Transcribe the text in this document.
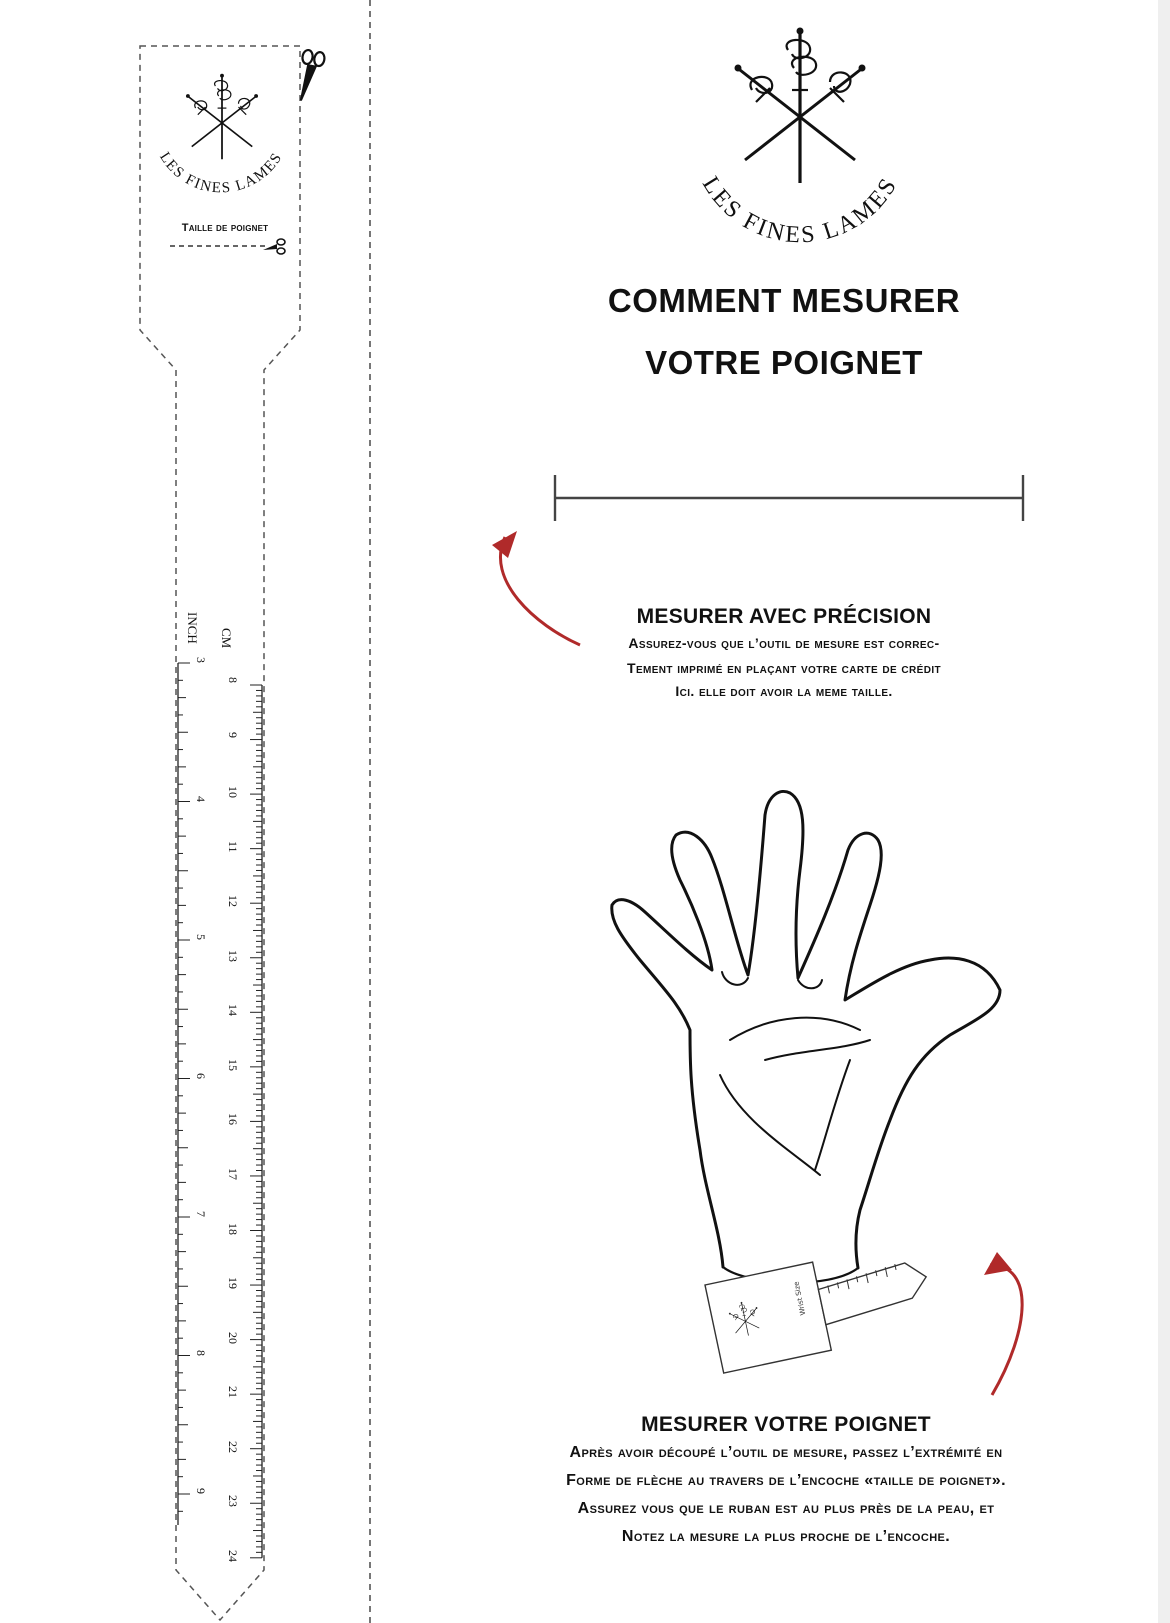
LES FINES LAMES
LES FINES LAMES
Wrist Size

Taille de poignet

CM

INCH

8

9

10

11

12

13

14

15

16

17

18

19

20

21

22

23

24

3

4

5

6

7

8

9

COMMENT MESURER
VOTRE POIGNET
MESURER AVEC PRÉCISION

Assurez-vous que l’outil de mesure est correc-

Tement imprimé en plaçant votre carte de crédit

Ici. elle doit avoir la meme taille.

MESURER VOTRE POIGNET

Après avoir découpé l’outil de mesure, passez l’extrémité en

Forme de flèche au travers de l’encoche «taille de poignet».

Assurez vous que le ruban est au plus près de la peau, et

Notez la mesure la plus proche de l’encoche.
